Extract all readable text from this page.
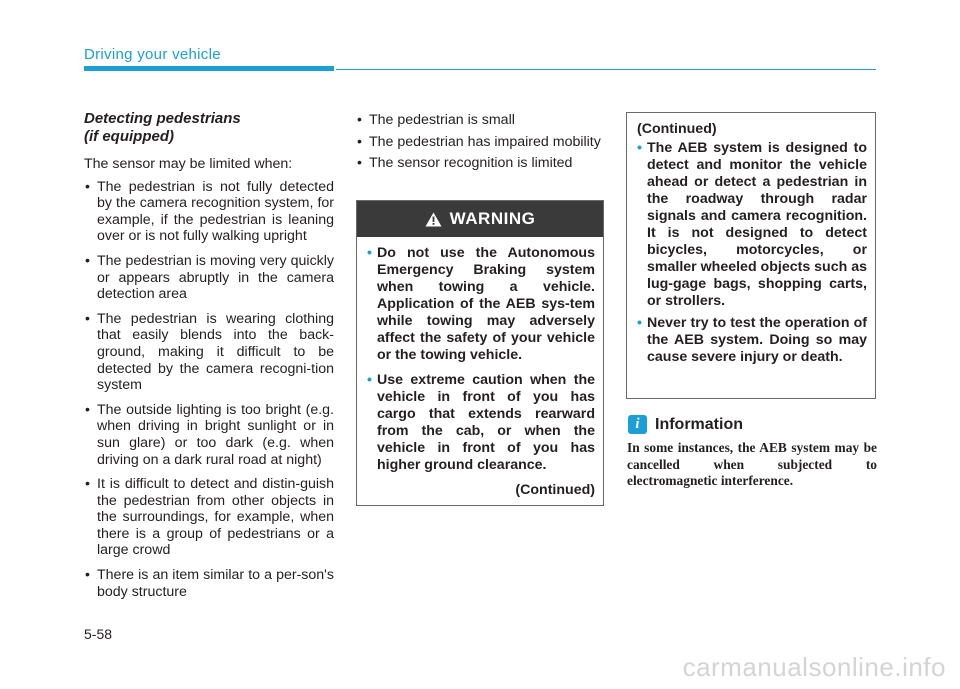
Driving your vehicle
Detecting pedestrians
(if equipped)

The sensor may be limited when:

• The pedestrian is not fully detected by the camera recognition system, for example, if the pedestrian is leaning over or is not fully walking upright
• The pedestrian is moving very quickly or appears abruptly in the camera detection area
• The pedestrian is wearing clothing that easily blends into the back-ground, making it difficult to be detected by the camera recogni-tion system
• The outside lighting is too bright (e.g. when driving in bright sunlight or in sun glare) or too dark (e.g. when driving on a dark rural road at night)
• It is difficult to detect and distin-guish the pedestrian from other objects in the surroundings, for example, when there is a group of pedestrians or a large crowd
• There is an item similar to a per-son's body structure
• The pedestrian is small
• The pedestrian has impaired mobility
• The sensor recognition is limited
WARNING
• Do not use the Autonomous Emergency Braking system when towing a vehicle. Application of the AEB sys-tem while towing may adversely affect the safety of your vehicle or the towing vehicle.
• Use extreme caution when the vehicle in front of you has cargo that extends rearward from the cab, or when the vehicle in front of you has higher ground clearance.
(Continued)
(Continued)
• The AEB system is designed to detect and monitor the vehicle ahead or detect a pedestrian in the roadway through radar signals and camera recognition. It is not designed to detect bicycles, motorcycles, or smaller wheeled objects such as lug-gage bags, shopping carts, or strollers.
• Never try to test the operation of the AEB system. Doing so may cause severe injury or death.
i Information
In some instances, the AEB system may be cancelled when subjected to electromagnetic interference.
5-58
carmanualsonline.info
